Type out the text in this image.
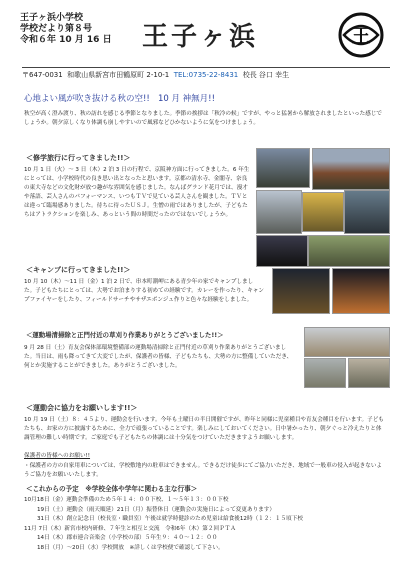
王子ヶ浜小学校
学校だより第８号
令和６年 10 月 16 日 王子ヶ浜	王
〒647-0031 和歌山県新宮市田鶴原町 2-10-1 TEL:0735-22-8431 校長 谷口 幸生
心地よい風が吹き抜ける秋の空!! 10 月 神無月!!
秋空が高く澄み渡り、秋の訪れを感じる季節となりました。季節の挨拶は「秋冷の候」ですが、やっと猛暑から解放されましたといった感じでしょうか。朝夕涼しくなり体調も崩しやすいので風邪などひかないように気をつけましょう。
＜修学旅行に行ってきました!!＞
10 月 1 日（火）～ 3 日（木）2 泊 3 日の行程で、京阪神方面に行ってきました。6 年生にとっては、小学校時代の良き思い出となったと思います。京都の清水寺、金閣寺、奈良の東大寺などの文化財が放つ趣がな雰囲気を感じました。なんばグランド花月では、漫才や落語、芸人さんのパフォーマンス、いつもＴＶで見ている芸人さんを観ました。ＴＶとは違って臨場感ありました。待ちに待ったＵＳＪ。生憎の雨ではありましたが、子どもたちはアトラクションを楽しみ、あっという間の時間だったのではないでしょうか。
＜キャンプに行ってきました!!＞
10 月 10（木）～11 日（金）1 泊 2 日で、串本町潮岬にある青少年の家でキャンプしました。子どもたちにとっては、大勢でお泊まりする初めての経験です。カレーを作ったり、キャンプファイヤーをしたり、フィールドサーチやサザエボンジュ作りと色々な経験をしました。
＜運動場清掃除と正門付近の草刈り作業ありがとうございました!!＞
9 月 28 日（土）育友会保体部環境整備部の運動場清掃除と正門付近の草刈り作業ありがとうございました。当日は、雨も降ってきて大変でしたが、保護者の皆様、子どもたちも、大勢の方に整備していただき、何とか実施することができました。ありがとうございました。
＜運動会に協力をお願いします!!＞
10 月 19 日（土）８：４５より、運動会を行います。今年も土曜日の半日開催ですが、昨年と同様に児童種目や育友会種目を行います。子どもたちも、お家の方に披露するために、全力で頑張っていることです。楽しみにしておいてください。日中暑かったり、朝夕ぐっと冷えたりと体調管理の難しい時期です。ご家庭でも子どもたちの体調には十分気をつけていただきますようお願いします。
保護者の皆様へのお願い!!
・保護者の方の自家用車については、学校敷地内の駐車はできません。できるだけ徒歩にてご協力いただき、地域で一般車の侵入が起きないようご協力をお願いいたします。
＜これからの予定　※学校全体や学年に関わる主な行事＞
10月18日（金）運動会準備のため５年１４：００下校、１～５年１３：００下校
　　 19日（土）運動会（雨天順延）21日（月）振替休日（運動会の実施日によって変更あります）
　　 31日（木）創立記念日（校長室・職員室）午後は就学時健診のため児童は給食後12時（１２：１５頃下校
11月 7日（木）新宮市校内研修、７年生と相互と交流　令和6年（木）第２回ＰＴＡ
　　 14日（木）郡市連合音楽会（小学校の部）５年生９：４０～１２：００
　　 18日（月）～20日（水）学校開放　※詳しくは学校便で確認して下さい。
